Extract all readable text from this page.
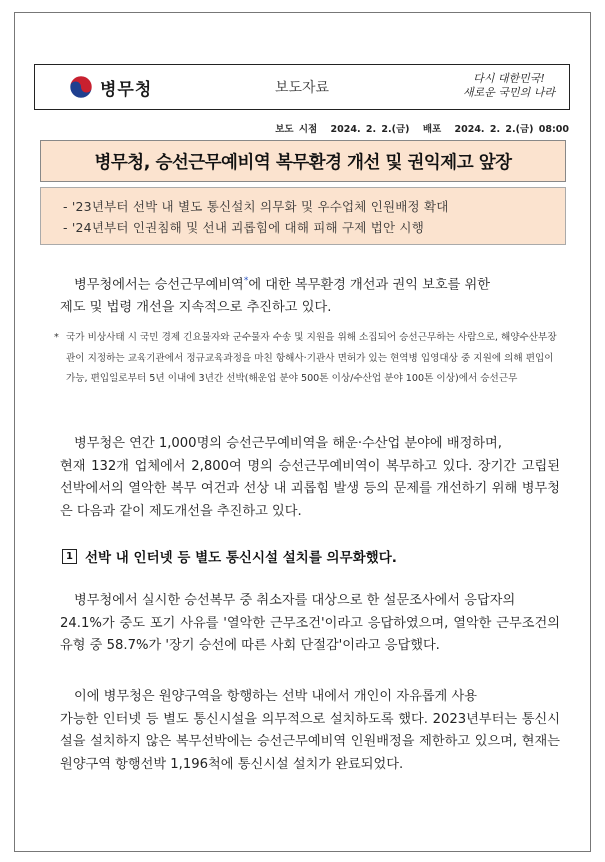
병무청	보도자료
다시 대한민국!
새로운 국민의 나라
보도 시점 2024. 2. 2.(금) 배포 2024. 2. 2.(금) 08:00
병무청, 승선근무예비역 복무환경 개선 및 권익제고 앞장

- '23년부터 선박 내 별도 통신설치 의무화 및 우수업체 인원배정 확대

- '24년부터 인권침해 및 선내 괴롭힘에 대해 피해 구제 법안 시행

병무청에서는 승선근무예비역*에 대한 복무환경 개선과 권익 보호를 위한
제도 및 법령 개선을 지속적으로 추진하고 있다.
* 국가 비상사태 시 국민 경제 긴요물자와 군수물자 수송 및 지원을 위해 소집되어 승선근무하는 사람으로, 해양수산부장관이 지정하는 교육기관에서 정규교육과정을 마친 항해사·기관사 면허가 있는 현역병 입영대상 중 지원에 의해 편입이 가능, 편입일로부터 5년 이내에 3년간 선박(해운업 분야 500톤 이상/수산업 분야 100톤 이상)에서 승선근무
병무청은 연간 1,000명의 승선근무예비역을 해운·수산업 분야에 배정하며,
현재 132개 업체에서 2,800여 명의 승선근무예비역이 복무하고 있다. 장기간 고립된 선박에서의 열악한 복무 여건과 선상 내 괴롭힘 발생 등의 문제를 개선하기 위해 병무청은 다음과 같이 제도개선을 추진하고 있다.
1 선박 내 인터넷 등 별도 통신시설 설치를 의무화했다.
병무청에서 실시한 승선복무 중 취소자를 대상으로 한 설문조사에서 응답자의
24.1%가 중도 포기 사유를 '열악한 근무조건'이라고 응답하였으며, 열악한 근무조건의 유형 중 58.7%가 '장기 승선에 따른 사회 단절감'이라고 응답했다.
이에 병무청은 원양구역을 항행하는 선박 내에서 개인이 자유롭게 사용
가능한 인터넷 등 별도 통신시설을 의무적으로 설치하도록 했다. 2023년부터는 통신시설을 설치하지 않은 복무선박에는 승선근무예비역 인원배정을 제한하고 있으며, 현재는 원양구역 항행선박 1,196척에 통신시설 설치가 완료되었다.
